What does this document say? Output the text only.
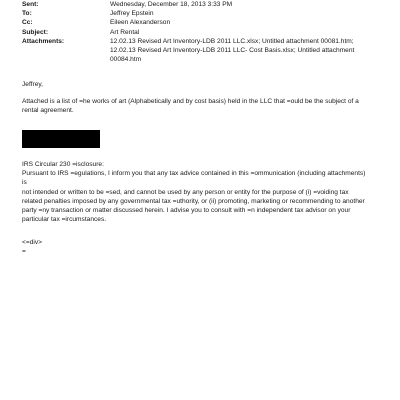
Sent:	Wednesday, December 18, 2013 3:33 PM
To:	Jeffrey Epstein
Cc:	Eileen Alexanderson
Subject:	Art Rental
Attachments:	12.02.13 Revised Art Inventory-LDB 2011 LLC.xlsx; Untitled attachment 00081.htm;
12.02.13 Revised Art Inventory-LDB 2011 LLC- Cost Basis.xlsx; Untitled attachment
00084.htm

Jeffrey,

Attached is a list of =he works of art (Alphabetically and by cost basis) held in the LLC that =ould be the subject of a

rental agreement.

IRS Circular 230 =isclosure:

Pursuant to IRS =egulations, I inform you that any tax advice contained in this =ommunication (including attachments) is

not intended or written to be =sed, and cannot be used by any person or entity for the purpose of (i) =voiding tax

related penalties imposed by any governmental tax =uthority, or (ii) promoting, marketing or recommending to another

party =ny transaction or matter discussed herein. I advise you to consult with =n independent tax advisor on your

particular tax =ircumstances.

<=div>

=
